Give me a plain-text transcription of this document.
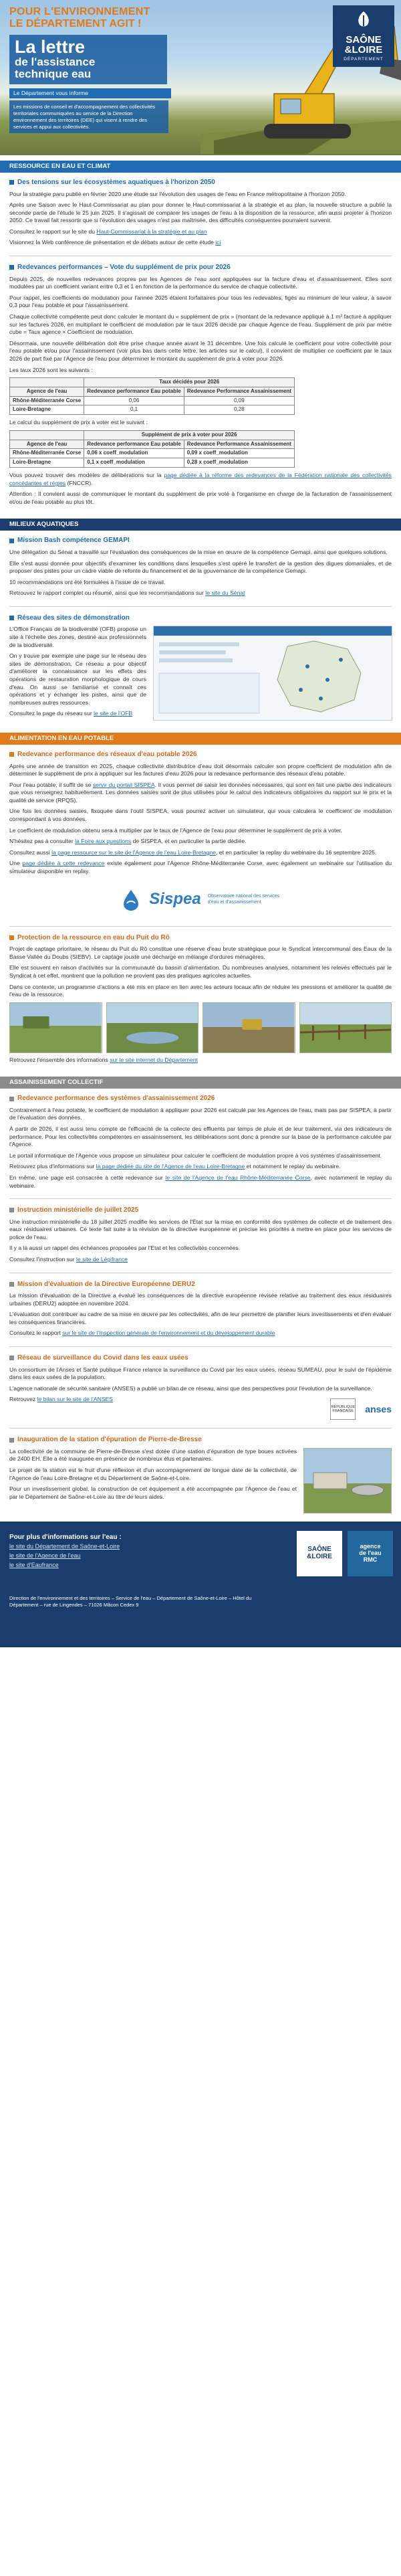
POUR L'ENVIRONNEMENT
LE DÉPARTEMENT AGIT !
La lettre
de l'assistance
technique eau
Le Département vous informe
Les missions de conseil et d'accompagnement des collectivités territoriales communiquées au service de la Direction environnement des territoires (DEE) qui visent à rendre des services et appui aux collectivités.
SAÔNE
&LOIRE
DÉPARTEMENT
RESSOURCE EN EAU ET CLIMAT
Des tensions sur les écosystèmes aquatiques à l'horizon 2050

Pour la stratégie paru publié en février 2020 une étude sur l'évolution des usages de l'eau en France métropolitaine à l'horizon 2050.

Après une Saison avec le Haut-Commissariat au plan pour donner le Haut-commissariat à la stratégie et au plan, la nouvelle structure a publié la seconde partie de l'étude le 25 juin 2025. Il s'agissait de comparer les usages de l'eau à la disposition de la ressource, afin aussi projeter à l'horizon 2050. Ce travail fait ressortir que si l'évolution des usages n'est pas maîtrisée, des difficultés conséquentes pourraient survenir.

Consultez le rapport sur le site du Haut-Commissariat à la stratégie et au plan

Visionnez la Web conférence de présentation et de débats autour de cette étude ici

Redevances performances – Vote du supplément de prix pour 2026

Depuis 2025, de nouvelles redevances propres par les Agences de l'eau sont appliquées sur la facture d'eau et d'assainissement. Elles sont modulées par un coefficient variant entre 0,3 et 1 en fonction de la performance du service de chaque collectivité.

Pour rappel, les coefficients de modulation pour l'année 2025 étaient forfaitaires pour tous les redevables, figés au minimum de leur valeur, à savoir 0,3 pour l'eau potable et pour l'assainissement.

Chaque collectivité compétente peut donc calculer le montant du « supplément de prix » (montant de la redevance appliqué à 1 m³ facturé à appliquer sur les factures 2026, en multipliant le coefficient de modulation par le taux 2026 décidé par chaque Agence de l'eau. Supplément de prix par mètre cube = Taux agence × Coefficient de modulation.

Désormais, une nouvelle délibération doit être prise chaque année avant le 31 décembre. Une fois calculé le coefficient pour votre collectivité pour l'eau potable et/ou pour l'assainissement (voir plus bas dans cette lettre, les articles sur le calcul), il convient de multiplier ce coefficient par le taux 2026 de part fixé par l'Agence de l'eau pour déterminer le montant du supplément de prix à voter pour 2026.

Les taux 2026 sont les suivants :

	Taux décidés pour 2026	
Agence de l'eau	Redevance performance Eau potable	Redevance Performance Assainissement
Rhône-Méditerranée Corse	0,06	0,09
Loire-Bretagne	0,1	0,28

Le calcul du supplément de prix à voter est le suivant :

	Supplément de prix à voter pour 2026	
Agence de l'eau	Redevance performance Eau potable	Redevance Performance Assainissement
Rhône-Méditerranée Corse	0,06 x coeff_modulation	0,09 x coeff_modulation
Loire-Bretagne	0,1 x coeff_modulation	0,28 x coeff_modulation

Vous pouvez trouver des modèles de délibérations sur la page dédiée à la réforme des redevances de la Fédération nationale des collectivités concédantes et régies (FNCCR).

Attention : Il convient aussi de communiquer le montant du supplément de prix voté à l'organisme en charge de la facturation de l'assainissement et/ou de l'eau potable au plus tôt.

MILIEUX AQUATIQUES
Mission Bash compétence GEMAPI

Une délégation du Sénat a travaillé sur l'évaluation des conséquences de la mise en œuvre de la compétence Gemapi, ainsi que quelques solutions.

Elle s'est aussi donnée pour objectifs d'examiner les conditions dans lesquelles s'est opéré le transfert de la gestion des digues domaniales, et de proposer des pistes pour un cadre viable de refonte du financement et de la gouvernance de la compétence Gemapi.

10 recommandations ont été formulées à l'issue de ce travail.

Retrouvez le rapport complet ou résumé, ainsi que les recommandations sur le site du Sénat

Réseau des sites de démonstration

L'Office Français de la biodiversité (OFB) propose un site à l'échelle des zones, destiné aux professionnels de la biodiversité.

On y trouve par exemple une page sur le réseau des sites de démonstration. Ce réseau a pour objectif d'améliorer la connaissance sur les effets des opérations de restauration morphologique de cours d'eau. On aussi se familiarisé et connaît ces opérations et y échanger les pistes, ainsi que de nombreuses autres ressources.

Consultez la page du réseau sur le site de l'OFB

ALIMENTATION EN EAU POTABLE
Redevance performance des réseaux d'eau potable 2026

Après une année de transition en 2025, chaque collectivité distributrice d'eau doit désormais calculer son propre coefficient de modulation afin de déterminer le supplément de prix à appliquer sur les factures d'eau 2026 pour la redevance performance des réseaux d'eau potable.

Pour l'eau potable, il suffit de se servir du portail SISPEA. Il vous permet de saisir les données nécessaires, qui sont en fait une partie des indicateurs que vous renseignez habituellement. Les données saisies sont de plus utilisées pour le calcul des indicateurs obligatoires du rapport sur le prix et la qualité de service (RPQS).

Une fois les données saisies, fixoquée dans l'outil SISPEA, vous pourrez activer un simulateur, qui vous calculera le coefficient de modulation correspondant à vos données.

Le coefficient de modulation obtenu sera à multiplier par le taux de l'Agence de l'eau pour déterminer le supplément de prix à voter.

N'hésitez pas à consulter la Foire aux questions de SISPEA, et en particulier la partie dédiée.

Consultez aussi la page ressource sur le site de l'Agence de l'eau Loire-Bretagne, et en particulier la replay du webinaire du 16 septembre 2025.

Une page dédiée à cette redevance existe également pour l'Agence Rhône-Méditerranée Corse, avec également un webinaire sur l'utilisation du simulateur disponible en replay.

Sispea Observatoire national des services d'eau et d'assainissement
Protection de la ressource en eau du Puit du Rô

Projet de captage prioritaire, le réseau du Puit du Rô constitue une réserve d'eau brute stratégique pour le Syndicat intercommunal des Eaux de la Basse Vallée du Doubs (SIEBV). Le captage jouxte une décharge en mélange d'ordures ménagères.

Elle est souvent en raison d'activités sur la communauté du bassin d'alimentation. Du nombreuses analyses, notamment les relevés effectués par le Syndicat à cet effet, montrent que la pollution ne provient pas des pratiques agricoles actuelles.

Dans ce contexte, un programme d'actions a été mis en place en lien avec les acteurs locaux afin de réduire les pressions et améliorer la qualité de l'eau de la ressource.

Retrouvez l'ensemble des informations sur le site internet du Département

ASSAINISSEMENT COLLECTIF
Redevance performance des systèmes d'assainissement 2026

Contrairement à l'eau potable, le coefficient de modulation à appliquer pour 2026 est calculé par les Agences de l'eau, mais pas par SISPEA, à partir de l'évaluation des données.

À partir de 2026, il est aussi tenu compte de l'efficacité de la collecte des effluents par temps de pluie et de leur traitement, via des indicateurs de performance. Pour les collectivités compétentes en assainissement, les délibérations sont donc à prendre sur la base de la performance calculée par l'Agence.

Le portail informatique de l'Agence vous propose un simulateur pour calculer le coefficient de modulation propre à vos systèmes d'assainissement.

Retrouvez plus d'informations sur la page dédiée du site de l'Agence de l'eau Loire-Bretagne et notamment le replay du webinaire.

En même, une page est consacrée à cette redevance sur le site de l'Agence de l'eau Rhône-Méditerranée Corse, avec notamment le replay du webinaire.

Instruction ministérielle de juillet 2025

Une instruction ministérielle du 18 juillet 2025 modifie les services de l'État sur la mise en conformité des systèmes de collecte et de traitement des eaux résiduaires urbaines. Ce texte fait suite à la révision de la directive européenne et précise les priorités à mettre en place pour les services de police de l'eau.

Il y a là aussi un rappel des échéances proposées par l'Etat et les collectivités concernées.

Consultez l'instruction sur le site de Légifrance

Mission d'évaluation de la Directive Européenne DERU2

La mission d'évaluation de la Directive a évalué les conséquences de la directive européenne révisée relative au traitement des eaux résiduaires urbaines (DERU2) adoptée en novembre 2024.

L'évaluation doit contribuer au cadre de sa mise en œuvre par les collectivités, afin de leur permettre de planifier leurs investissements et d'en évaluer les conséquences financières.

Consultez le rapport sur le site de l'Inspection générale de l'environnement et du développement durable

Réseau de surveillance du Covid dans les eaux usées

Un consortium de l'Anses et Santé publique France relance la surveillance du Covid par les eaux usées, réseau SUMEAU, pour le suivi de l'épidémie dans les eaux usées de la population.

L'agence nationale de sécurité sanitaire (ANSES) a publié un bilan de ce réseau, ainsi que des perspectives pour l'évolution de la surveillance.

Retrouvez le bilan sur le site de l'ANSES

RÉPUBLIQUE FRANÇAISE anses
Inauguration de la station d'épuration de Pierre-de-Bresse

La collectivité de la commune de Pierre-de-Bresse s'est dotée d'une station d'épuration de type boues activées de 2400 EH. Elle a été inaugurée en présence de nombreux élus et partenaires.

Le projet de la station est le fruit d'une réflexion et d'un accompagnement de longue date de la collectivité, de l'Agence de l'eau Loire-Bretagne et du Département de Saône-et-Loire.

Pour un investissement global, la construction de cet équipement a été accompagnée par l'Agence de l'eau et par le Département de Saône-et-Loire au titre de leurs aides.

Pour plus d'informations sur l'eau :
le site du Département de Saône-et-Loire
le site de l'Agence de l'eau
le site d'Eaufrance
Direction de l'environnement et des territoires – Service de l'eau – Département de Saône-et-Loire – Hôtel du Département – rue de Lingendes – 71026 Mâcon Cedex 9
SAÔNE
&LOIRE
agence
de l'eau
RMC
